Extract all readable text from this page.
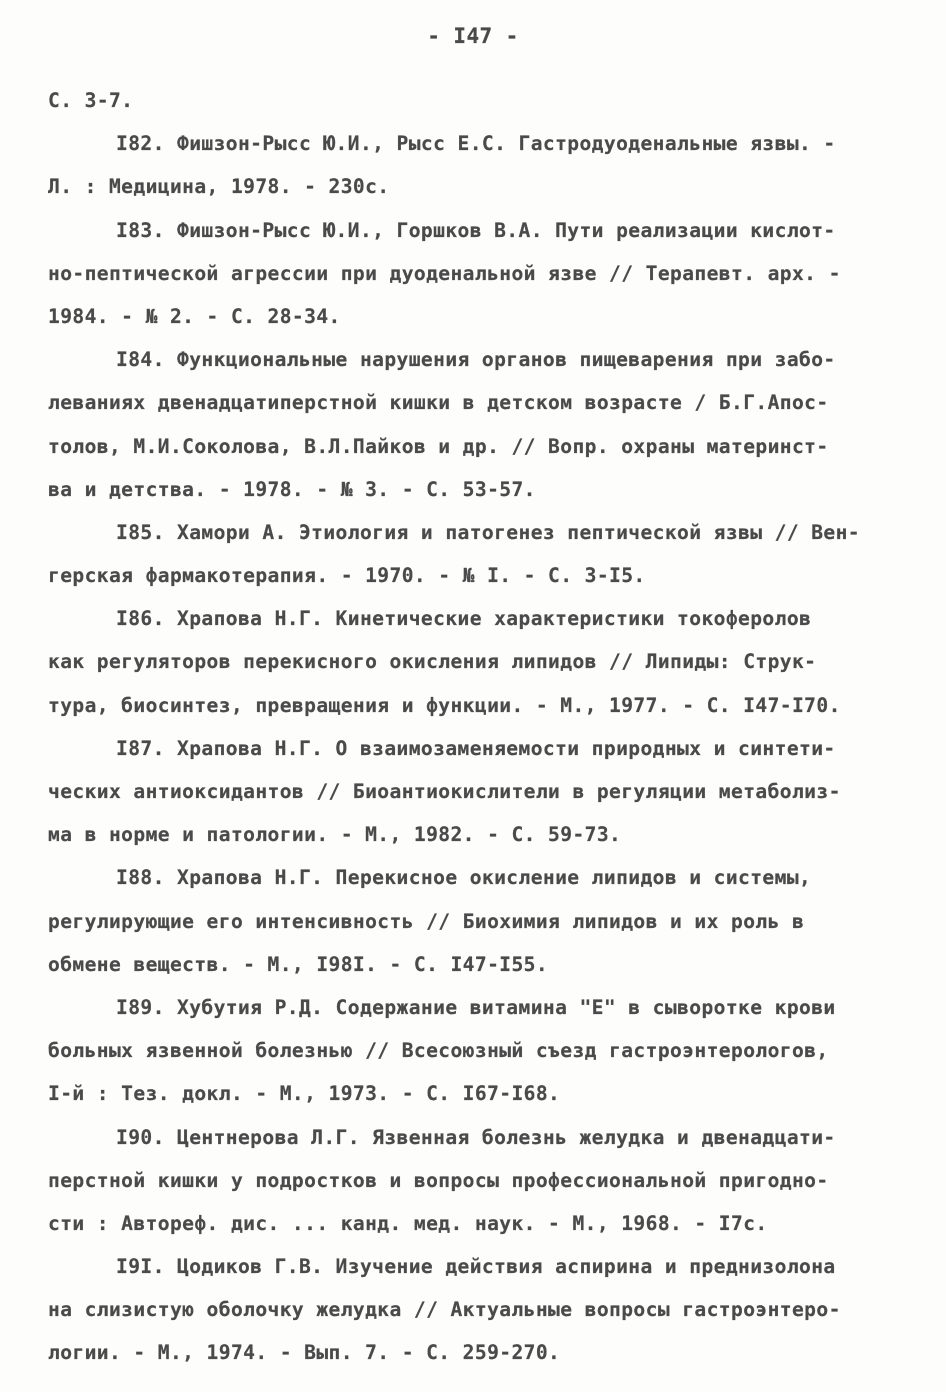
- I47 -
С. 3-7.
I82. Фишзон-Рысс Ю.И., Рысс Е.С. Гастродуоденальные язвы. -
Л. : Медицина, 1978. - 230с.
I83. Фишзон-Рысс Ю.И., Горшков В.А. Пути реализации кислот-
но-пептической агрессии при дуоденальной язве // Терапевт. арх. -
1984. - № 2. - С. 28-34.
I84. Функциональные нарушения органов пищеварения при забо-
леваниях двенадцатиперстной кишки в детском возрасте / Б.Г.Апос-
толов, М.И.Соколова, В.Л.Пайков и др. // Вопр. охраны материнст-
ва и детства. - 1978. - № 3. - С. 53-57.
I85. Хамори А. Этиология и патогенез пептической язвы // Вен-
герская фармакотерапия. - 1970. - № I. - С. 3-I5.
I86. Храпова Н.Г. Кинетические характеристики токоферолов
как регуляторов перекисного окисления липидов // Липиды: Струк-
тура, биосинтез, превращения и функции. - М., 1977. - С. I47-I70.
I87. Храпова Н.Г. О взаимозаменяемости природных и синтети-
ческих антиоксидантов // Биоантиокислители в регуляции метаболиз-
ма в норме и патологии. - М., 1982. - С. 59-73.
I88. Храпова Н.Г. Перекисное окисление липидов и системы,
регулирующие его интенсивность // Биохимия липидов и их роль в
обмене веществ. - М., I98I. - С. I47-I55.
I89. Хубутия Р.Д. Содержание витамина "Е" в сыворотке крови
больных язвенной болезнью // Всесоюзный съезд гастроэнтерологов,
I-й : Тез. докл. - М., 1973. - С. I67-I68.
I90. Центнерова Л.Г. Язвенная болезнь желудка и двенадцати-
перстной кишки у подростков и вопросы профессиональной пригодно-
сти : Автореф. дис. ... канд. мед. наук. - М., 1968. - I7с.
I9I. Цодиков Г.В. Изучение действия аспирина и преднизолона
на слизистую оболочку желудка // Актуальные вопросы гастроэнтеро-
логии. - М., 1974. - Вып. 7. - С. 259-270.
